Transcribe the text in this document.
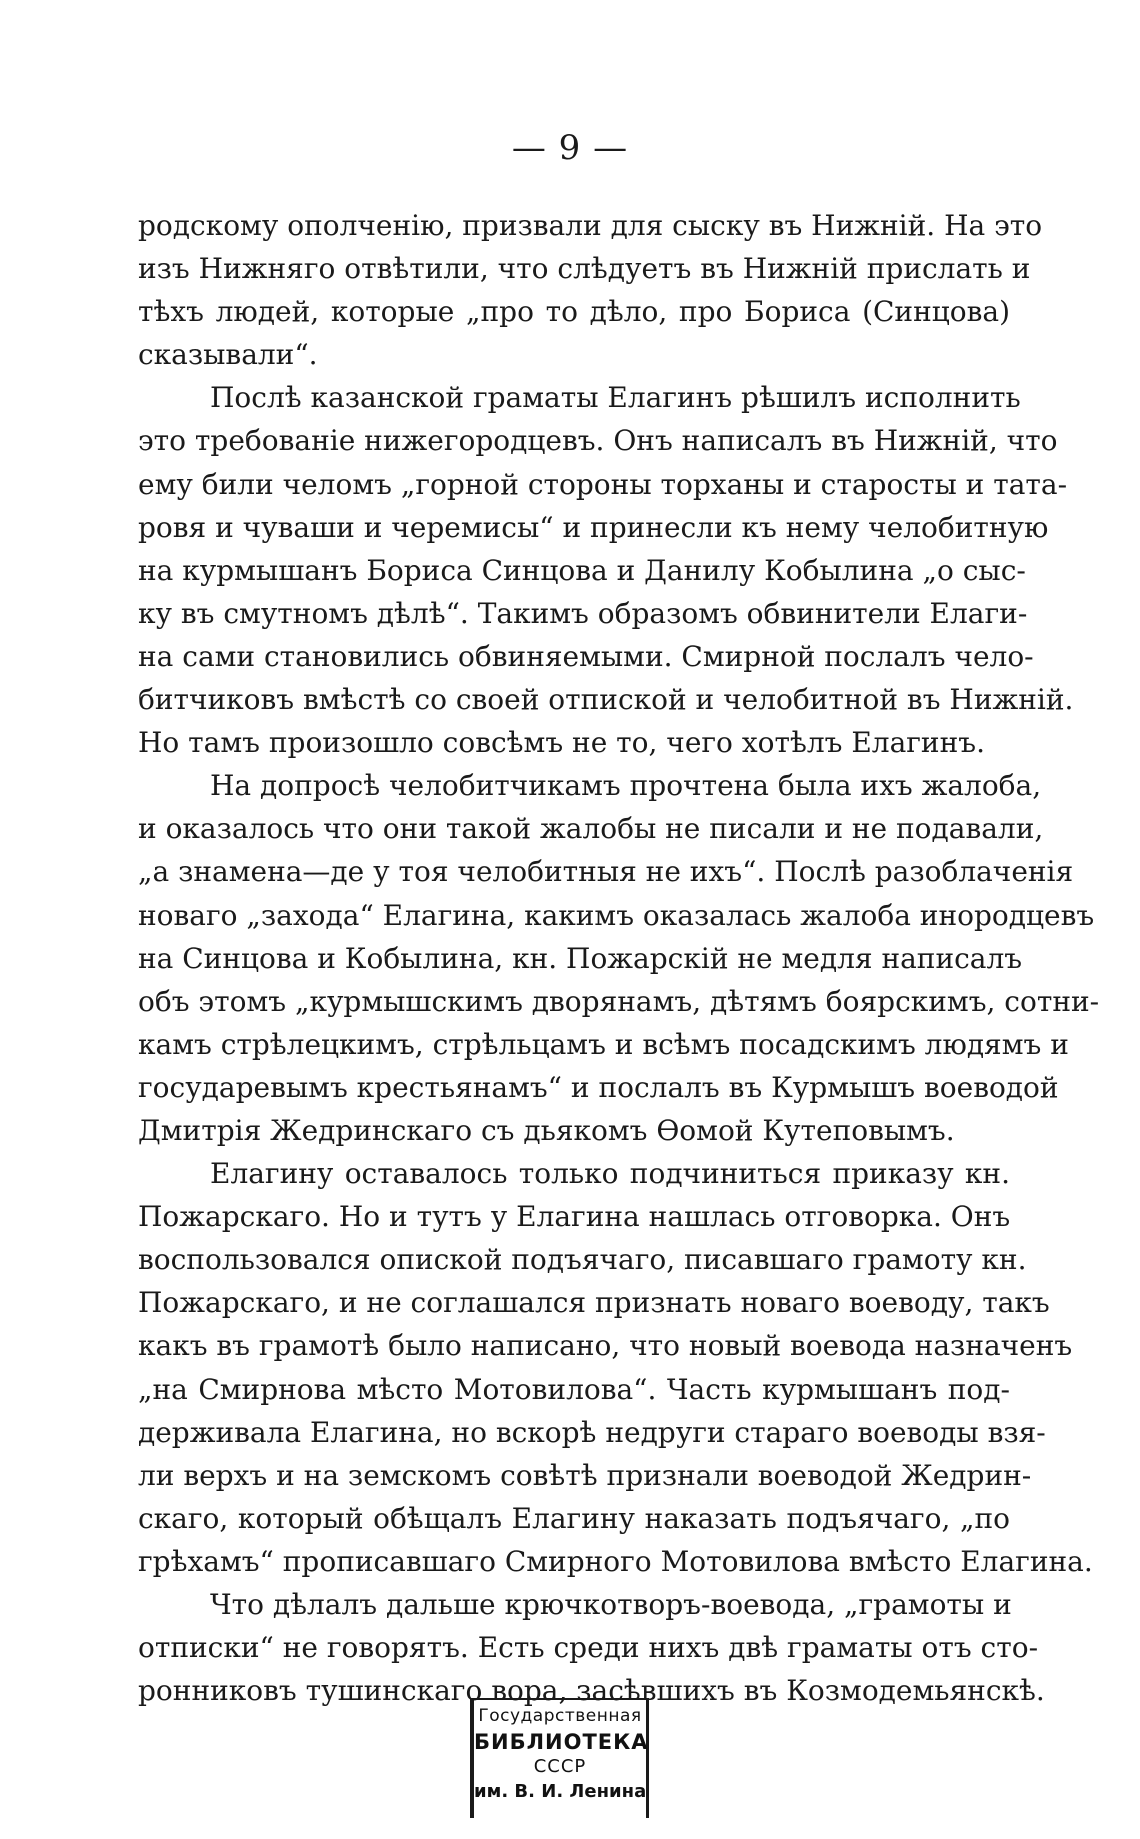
— 9 —
родскому ополченію, призвали для сыску въ Нижній. На это
изъ Нижняго отвѣтили, что слѣдуетъ въ Нижній прислать и
тѣхъ людей, которые „про то дѣло, про Бориса (Синцова)
сказывали“.
Послѣ казанской граматы Елагинъ рѣшилъ исполнить
это требованіе нижегородцевъ. Онъ написалъ въ Нижній, что
ему били челомъ „горной стороны торханы и старосты и тата-
ровя и чуваши и черемисы“ и принесли къ нему челобитную
на курмышанъ Бориса Синцова и Данилу Кобылина „о сыс-
ку въ смутномъ дѣлѣ“. Такимъ образомъ обвинители Елаги-
на сами становились обвиняемыми. Смирной послалъ чело-
битчиковъ вмѣстѣ со своей отпиской и челобитной въ Нижній.
Но тамъ произошло совсѣмъ не то, чего хотѣлъ Елагинъ.
На допросѣ челобитчикамъ прочтена была ихъ жалоба,
и оказалось что они такой жалобы не писали и не подавали,
„а знамена—де у тоя челобитныя не ихъ“. Послѣ разоблаченія
новаго „захода“ Елагина, какимъ оказалась жалоба инородцевъ
на Синцова и Кобылина, кн. Пожарскій не медля написалъ
объ этомъ „курмышскимъ дворянамъ, дѣтямъ боярскимъ, сотни-
камъ стрѣлецкимъ, стрѣльцамъ и всѣмъ посадскимъ людямъ и
государевымъ крестьянамъ“ и послалъ въ Курмышъ воеводой
Дмитрія Жедринскаго съ дьякомъ Ѳомой Кутеповымъ.
Елагину оставалось только подчиниться приказу кн.
Пожарскаго. Но и тутъ у Елагина нашлась отговорка. Онъ
воспользовался опиской подъячаго, писавшаго грамоту кн.
Пожарскаго, и не соглашался признать новаго воеводу, такъ
какъ въ грамотѣ было написано, что новый воевода назначенъ
„на Смирнова мѣсто Мотовилова“. Часть курмышанъ под-
держивала Елагина, но вскорѣ недруги стараго воеводы взя-
ли верхъ и на земскомъ совѣтѣ признали воеводой Жедрин-
скаго, который обѣщалъ Елагину наказать подъячаго, „по
грѣхамъ“ прописавшаго Смирного Мотовилова вмѣсто Елагина.
Что дѣлалъ дальше крючкотворъ-воевода, „грамоты и
отписки“ не говорятъ. Есть среди нихъ двѣ граматы отъ сто-
ронниковъ тушинскаго вора, засѣвшихъ въ Козмодемьянскѣ.
Государственная
БИБЛИОТЕКА
СССР
им. В. И. Ленина
